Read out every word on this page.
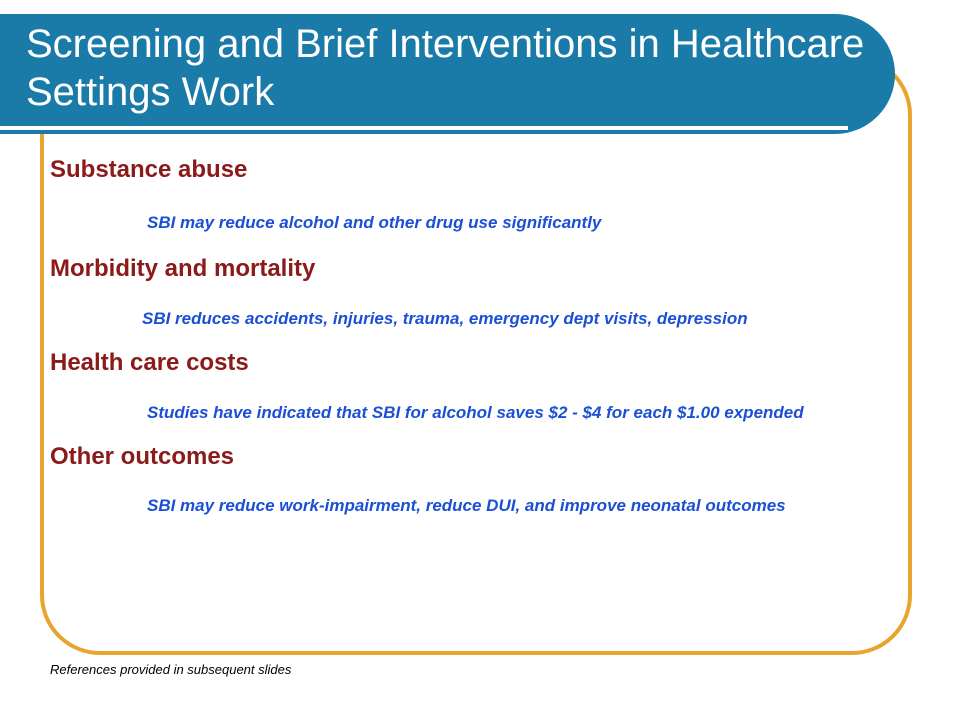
Screening and Brief Interventions in Healthcare Settings Work

Substance abuse

SBI may reduce alcohol and other drug use significantly

Morbidity and mortality

SBI reduces accidents, injuries, trauma, emergency dept visits, depression

Health care costs

Studies have indicated that SBI for alcohol saves $2 - $4 for each $1.00 expended

Other outcomes

SBI may reduce work-impairment, reduce DUI, and improve neonatal outcomes

References provided in subsequent slides
